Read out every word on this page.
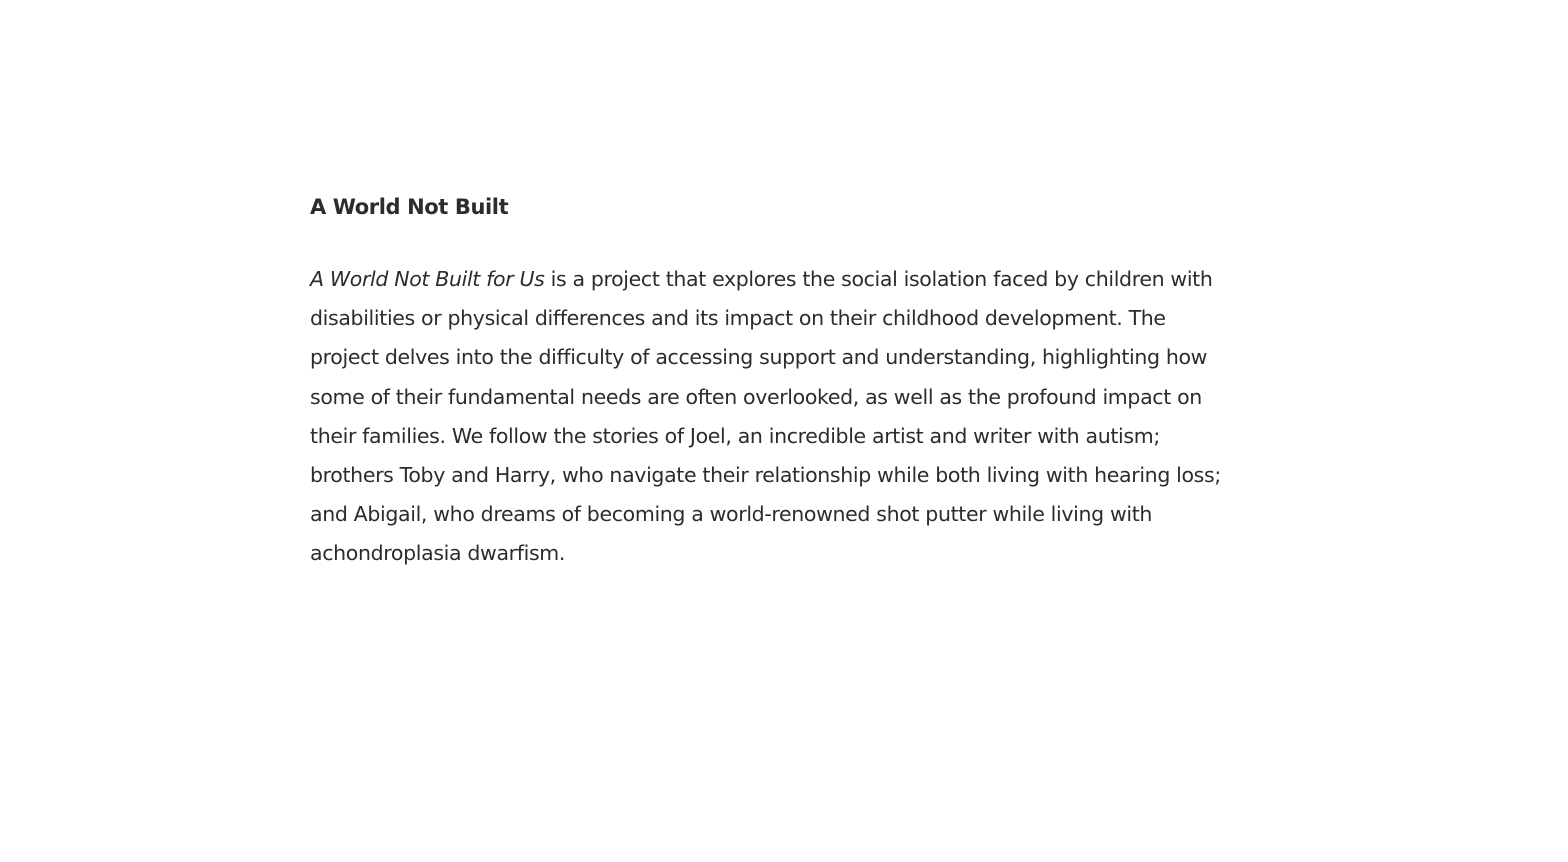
A World Not Built

A World Not Built for Us is a project that explores the social isolation faced by children with disabilities or physical differences and its impact on their childhood development. The project delves into the difficulty of accessing support and understanding, highlighting how some of their fundamental needs are often overlooked, as well as the profound impact on their families. We follow the stories of Joel, an incredible artist and writer with autism; brothers Toby and Harry, who navigate their relationship while both living with hearing loss; and Abigail, who dreams of becoming a world-renowned shot putter while living with achondroplasia dwarfism.
